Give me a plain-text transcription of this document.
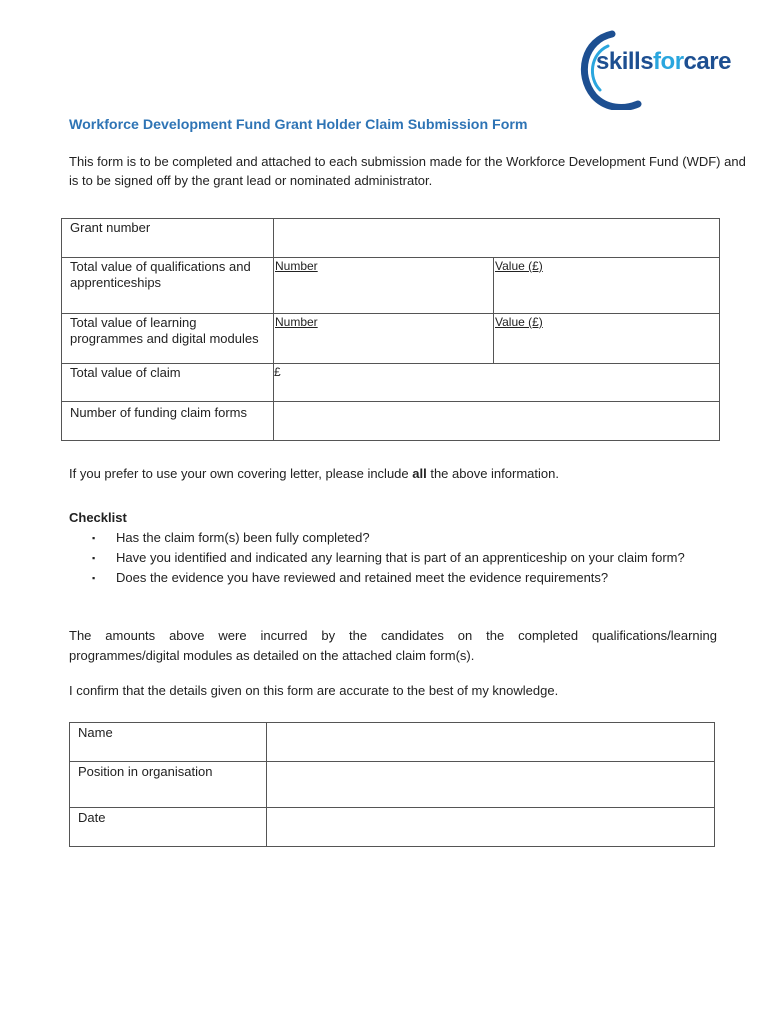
skillsforcare
Workforce Development Fund Grant Holder Claim Submission Form
This form is to be completed and attached to each submission made for the Workforce Development Fund (WDF) and is to be signed off by the grant lead or nominated administrator.
Grant number		
Total value of qualifications and apprenticeships	Number	Value (£)
Total value of learning programmes and digital modules	Number	Value (£)
Total value of claim	£	
Number of funding claim forms		
If you prefer to use your own covering letter, please include all the above information.
Checklist
▪ Has the claim form(s) been fully completed?
▪ Have you identified and indicated any learning that is part of an apprenticeship on your claim form?
▪ Does the evidence you have reviewed and retained meet the evidence requirements?
The amounts above were incurred by the candidates on the completed qualifications/learning programmes/digital modules as detailed on the attached claim form(s).
I confirm that the details given on this form are accurate to the best of my knowledge.
Name	
Position in organisation	
Date	
